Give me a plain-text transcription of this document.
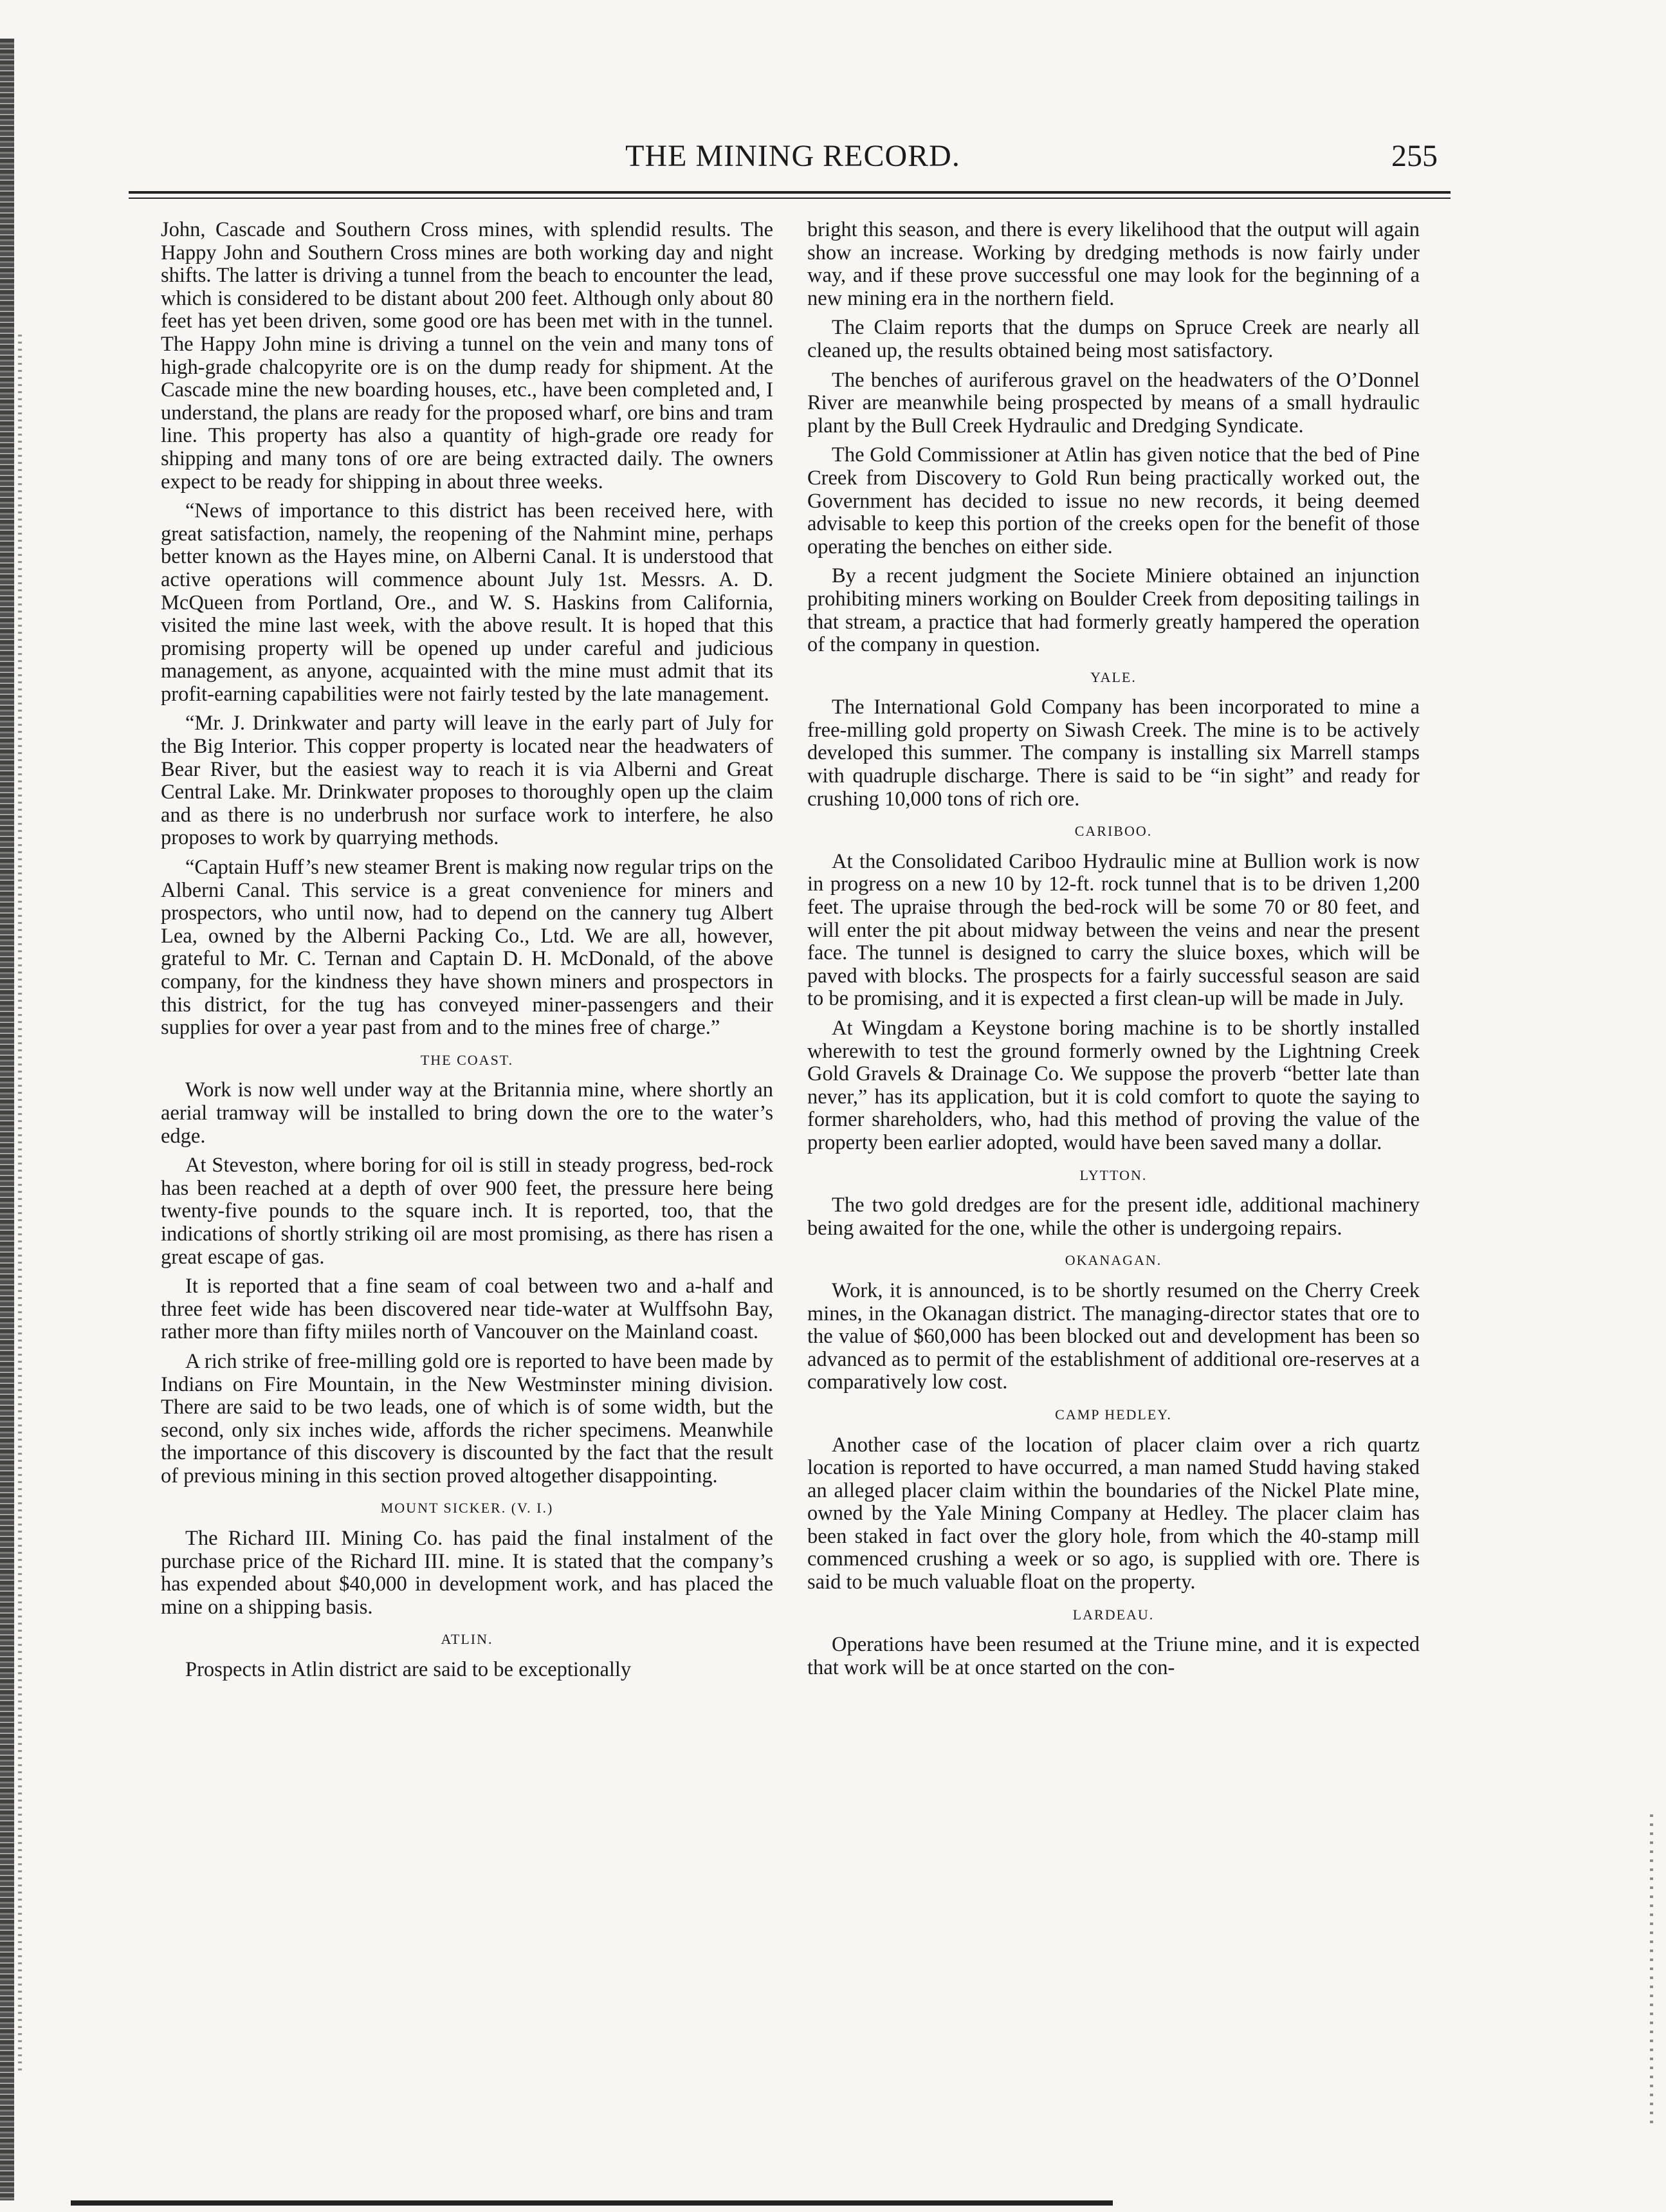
THE MINING RECORD.	255

John, Cascade and Southern Cross mines, with splendid results. The Happy John and Southern Cross mines are both working day and night shifts. The latter is driving a tunnel from the beach to encounter the lead, which is considered to be distant about 200 feet. Although only about 80 feet has yet been driven, some good ore has been met with in the tunnel. The Happy John mine is driving a tunnel on the vein and many tons of high-grade chalcopyrite ore is on the dump ready for shipment. At the Cascade mine the new boarding houses, etc., have been completed and, I understand, the plans are ready for the proposed wharf, ore bins and tram line. This property has also a quantity of high-grade ore ready for shipping and many tons of ore are being extracted daily. The owners expect to be ready for shipping in about three weeks.

“News of importance to this district has been received here, with great satisfaction, namely, the reopening of the Nahmint mine, perhaps better known as the Hayes mine, on Alberni Canal. It is understood that active operations will commence abount July 1st. Messrs. A. D. McQueen from Portland, Ore., and W. S. Haskins from California, visited the mine last week, with the above result. It is hoped that this promising property will be opened up under careful and judicious management, as anyone, acquainted with the mine must admit that its profit-earning capabilities were not fairly tested by the late management.

“Mr. J. Drinkwater and party will leave in the early part of July for the Big Interior. This copper property is located near the headwaters of Bear River, but the easiest way to reach it is via Alberni and Great Central Lake. Mr. Drinkwater proposes to thoroughly open up the claim and as there is no underbrush nor surface work to interfere, he also proposes to work by quarrying methods.

“Captain Huff’s new steamer Brent is making now regular trips on the Alberni Canal. This service is a great convenience for miners and prospectors, who until now, had to depend on the cannery tug Albert Lea, owned by the Alberni Packing Co., Ltd. We are all, however, grateful to Mr. C. Ternan and Captain D. H. McDonald, of the above company, for the kindness they have shown miners and prospectors in this district, for the tug has conveyed miner-passengers and their supplies for over a year past from and to the mines free of charge.”

THE COAST.

Work is now well under way at the Britannia mine, where shortly an aerial tramway will be installed to bring down the ore to the water’s edge.

At Steveston, where boring for oil is still in steady progress, bed-rock has been reached at a depth of over 900 feet, the pressure here being twenty-five pounds to the square inch. It is reported, too, that the indications of shortly striking oil are most promising, as there has risen a great escape of gas.

It is reported that a fine seam of coal between two and a-half and three feet wide has been discovered near tide-water at Wulffsohn Bay, rather more than fifty miiles north of Vancouver on the Mainland coast.

A rich strike of free-milling gold ore is reported to have been made by Indians on Fire Mountain, in the New Westminster mining division. There are said to be two leads, one of which is of some width, but the second, only six inches wide, affords the richer specimens. Meanwhile the importance of this discovery is discounted by the fact that the result of previous mining in this section proved altogether disappointing.

MOUNT SICKER. (V. I.)

The Richard III. Mining Co. has paid the final instalment of the purchase price of the Richard III. mine. It is stated that the company’s has expended about $40,000 in development work, and has placed the mine on a shipping basis.

ATLIN.

Prospects in Atlin district are said to be exceptionally

bright this season, and there is every likelihood that the output will again show an increase. Working by dredging methods is now fairly under way, and if these prove successful one may look for the beginning of a new mining era in the northern field.

The Claim reports that the dumps on Spruce Creek are nearly all cleaned up, the results obtained being most satisfactory.

The benches of auriferous gravel on the headwaters of the O’Donnel River are meanwhile being prospected by means of a small hydraulic plant by the Bull Creek Hydraulic and Dredging Syndicate.

The Gold Commissioner at Atlin has given notice that the bed of Pine Creek from Discovery to Gold Run being practically worked out, the Government has decided to issue no new records, it being deemed advisable to keep this portion of the creeks open for the benefit of those operating the benches on either side.

By a recent judgment the Societe Miniere obtained an injunction prohibiting miners working on Boulder Creek from depositing tailings in that stream, a practice that had formerly greatly hampered the operation of the company in question.

YALE.

The International Gold Company has been incorporated to mine a free-milling gold property on Siwash Creek. The mine is to be actively developed this summer. The company is installing six Marrell stamps with quadruple discharge. There is said to be “in sight” and ready for crushing 10,000 tons of rich ore.

CARIBOO.

At the Consolidated Cariboo Hydraulic mine at Bullion work is now in progress on a new 10 by 12-ft. rock tunnel that is to be driven 1,200 feet. The upraise through the bed-rock will be some 70 or 80 feet, and will enter the pit about midway between the veins and near the present face. The tunnel is designed to carry the sluice boxes, which will be paved with blocks. The prospects for a fairly successful season are said to be promising, and it is expected a first clean-up will be made in July.

At Wingdam a Keystone boring machine is to be shortly installed wherewith to test the ground formerly owned by the Lightning Creek Gold Gravels & Drainage Co. We suppose the proverb “better late than never,” has its application, but it is cold comfort to quote the saying to former shareholders, who, had this method of proving the value of the property been earlier adopted, would have been saved many a dollar.

LYTTON.

The two gold dredges are for the present idle, additional machinery being awaited for the one, while the other is undergoing repairs.

OKANAGAN.

Work, it is announced, is to be shortly resumed on the Cherry Creek mines, in the Okanagan district. The managing-director states that ore to the value of $60,000 has been blocked out and development has been so advanced as to permit of the establishment of additional ore-reserves at a comparatively low cost.

CAMP HEDLEY.

Another case of the location of placer claim over a rich quartz location is reported to have occurred, a man named Studd having staked an alleged placer claim within the boundaries of the Nickel Plate mine, owned by the Yale Mining Company at Hedley. The placer claim has been staked in fact over the glory hole, from which the 40-stamp mill commenced crushing a week or so ago, is supplied with ore. There is said to be much valuable float on the property.

LARDEAU.

Operations have been resumed at the Triune mine, and it is expected that work will be at once started on the con-
